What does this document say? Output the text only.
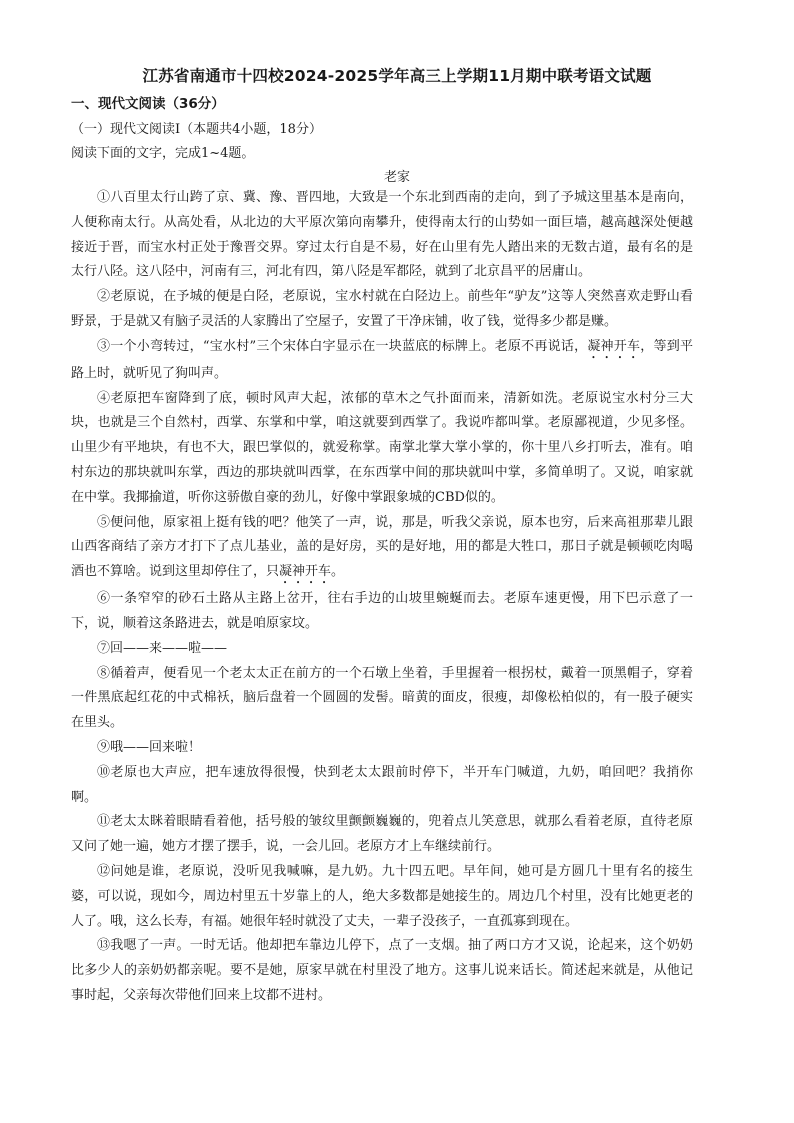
江苏省南通市十四校2024-2025学年高三上学期11月期中联考语文试题
一、现代文阅读（36分）
（一）现代文阅读Ⅰ（本题共4小题，18分）
阅读下面的文字，完成1~4题。
老家

①八百里太行山跨了京、冀、豫、晋四地，大致是一个东北到西南的走向，到了予城这里基本是南向，人便称南太行。从高处看，从北边的大平原次第向南攀升，使得南太行的山势如一面巨墙，越高越深处便越接近于晋，而宝水村正处于豫晋交界。穿过太行自是不易，好在山里有先人踏出来的无数古道，最有名的是太行八陉。这八陉中，河南有三，河北有四，第八陉是军都陉，就到了北京昌平的居庸山。

②老原说，在予城的便是白陉，老原说，宝水村就在白陉边上。前些年“驴友”这等人突然喜欢走野山看野景，于是就又有脑子灵活的人家腾出了空屋子，安置了干净床铺，收了钱，觉得多少都是赚。

③一个小弯转过，“宝水村”三个宋体白字显示在一块蓝底的标牌上。老原不再说话，凝神开车，等到平路上时，就听见了狗叫声。

④老原把车窗降到了底，顿时风声大起，浓郁的草木之气扑面而来，清新如洗。老原说宝水村分三大块，也就是三个自然村，西掌、东掌和中掌，咱这就要到西掌了。我说咋都叫掌。老原鄙视道，少见多怪。山里少有平地块，有也不大，跟巴掌似的，就爱称掌。南掌北掌大掌小掌的，你十里八乡打听去，准有。咱村东边的那块就叫东掌，西边的那块就叫西掌，在东西掌中间的那块就叫中掌，多简单明了。又说，咱家就在中掌。我揶揄道，听你这骄傲自豪的劲儿，好像中掌跟象城的CBD似的。

⑤便问他，原家祖上挺有钱的吧？他笑了一声，说，那是，听我父亲说，原本也穷，后来高祖那辈儿跟山西客商结了亲方才打下了点儿基业，盖的是好房，买的是好地，用的都是大牲口，那日子就是顿顿吃肉喝酒也不算啥。说到这里却停住了，只凝神开车。

⑥一条窄窄的砂石土路从主路上岔开，往右手边的山坡里蜿蜒而去。老原车速更慢，用下巴示意了一下，说，顺着这条路进去，就是咱原家坟。

⑦回——来——啦——

⑧循着声，便看见一个老太太正在前方的一个石墩上坐着，手里握着一根拐杖，戴着一顶黑帽子，穿着一件黑底起红花的中式棉袄，脑后盘着一个圆圆的发髻。暗黄的面皮，很瘦，却像松柏似的，有一股子硬实在里头。

⑨哦——回来啦！

⑩老原也大声应，把车速放得很慢，快到老太太跟前时停下，半开车门喊道，九奶，咱回吧？我捎你啊。

⑪老太太眯着眼睛看着他，括号般的皱纹里颤颤巍巍的，兜着点儿笑意思，就那么看着老原，直待老原又问了她一遍，她方才摆了摆手，说，一会儿回。老原方才上车继续前行。

⑫问她是谁，老原说，没听见我喊嘛，是九奶。九十四五吧。早年间，她可是方圆几十里有名的接生婆，可以说，现如今，周边村里五十岁靠上的人，绝大多数都是她接生的。周边几个村里，没有比她更老的人了。哦，这么长寿，有福。她很年轻时就没了丈夫，一辈子没孩子，一直孤寡到现在。

⑬我嗯了一声。一时无话。他却把车靠边儿停下，点了一支烟。抽了两口方才又说，论起来，这个奶奶比多少人的亲奶奶都亲呢。要不是她，原家早就在村里没了地方。这事儿说来话长。简述起来就是，从他记事时起，父亲每次带他们回来上坟都不进村。
